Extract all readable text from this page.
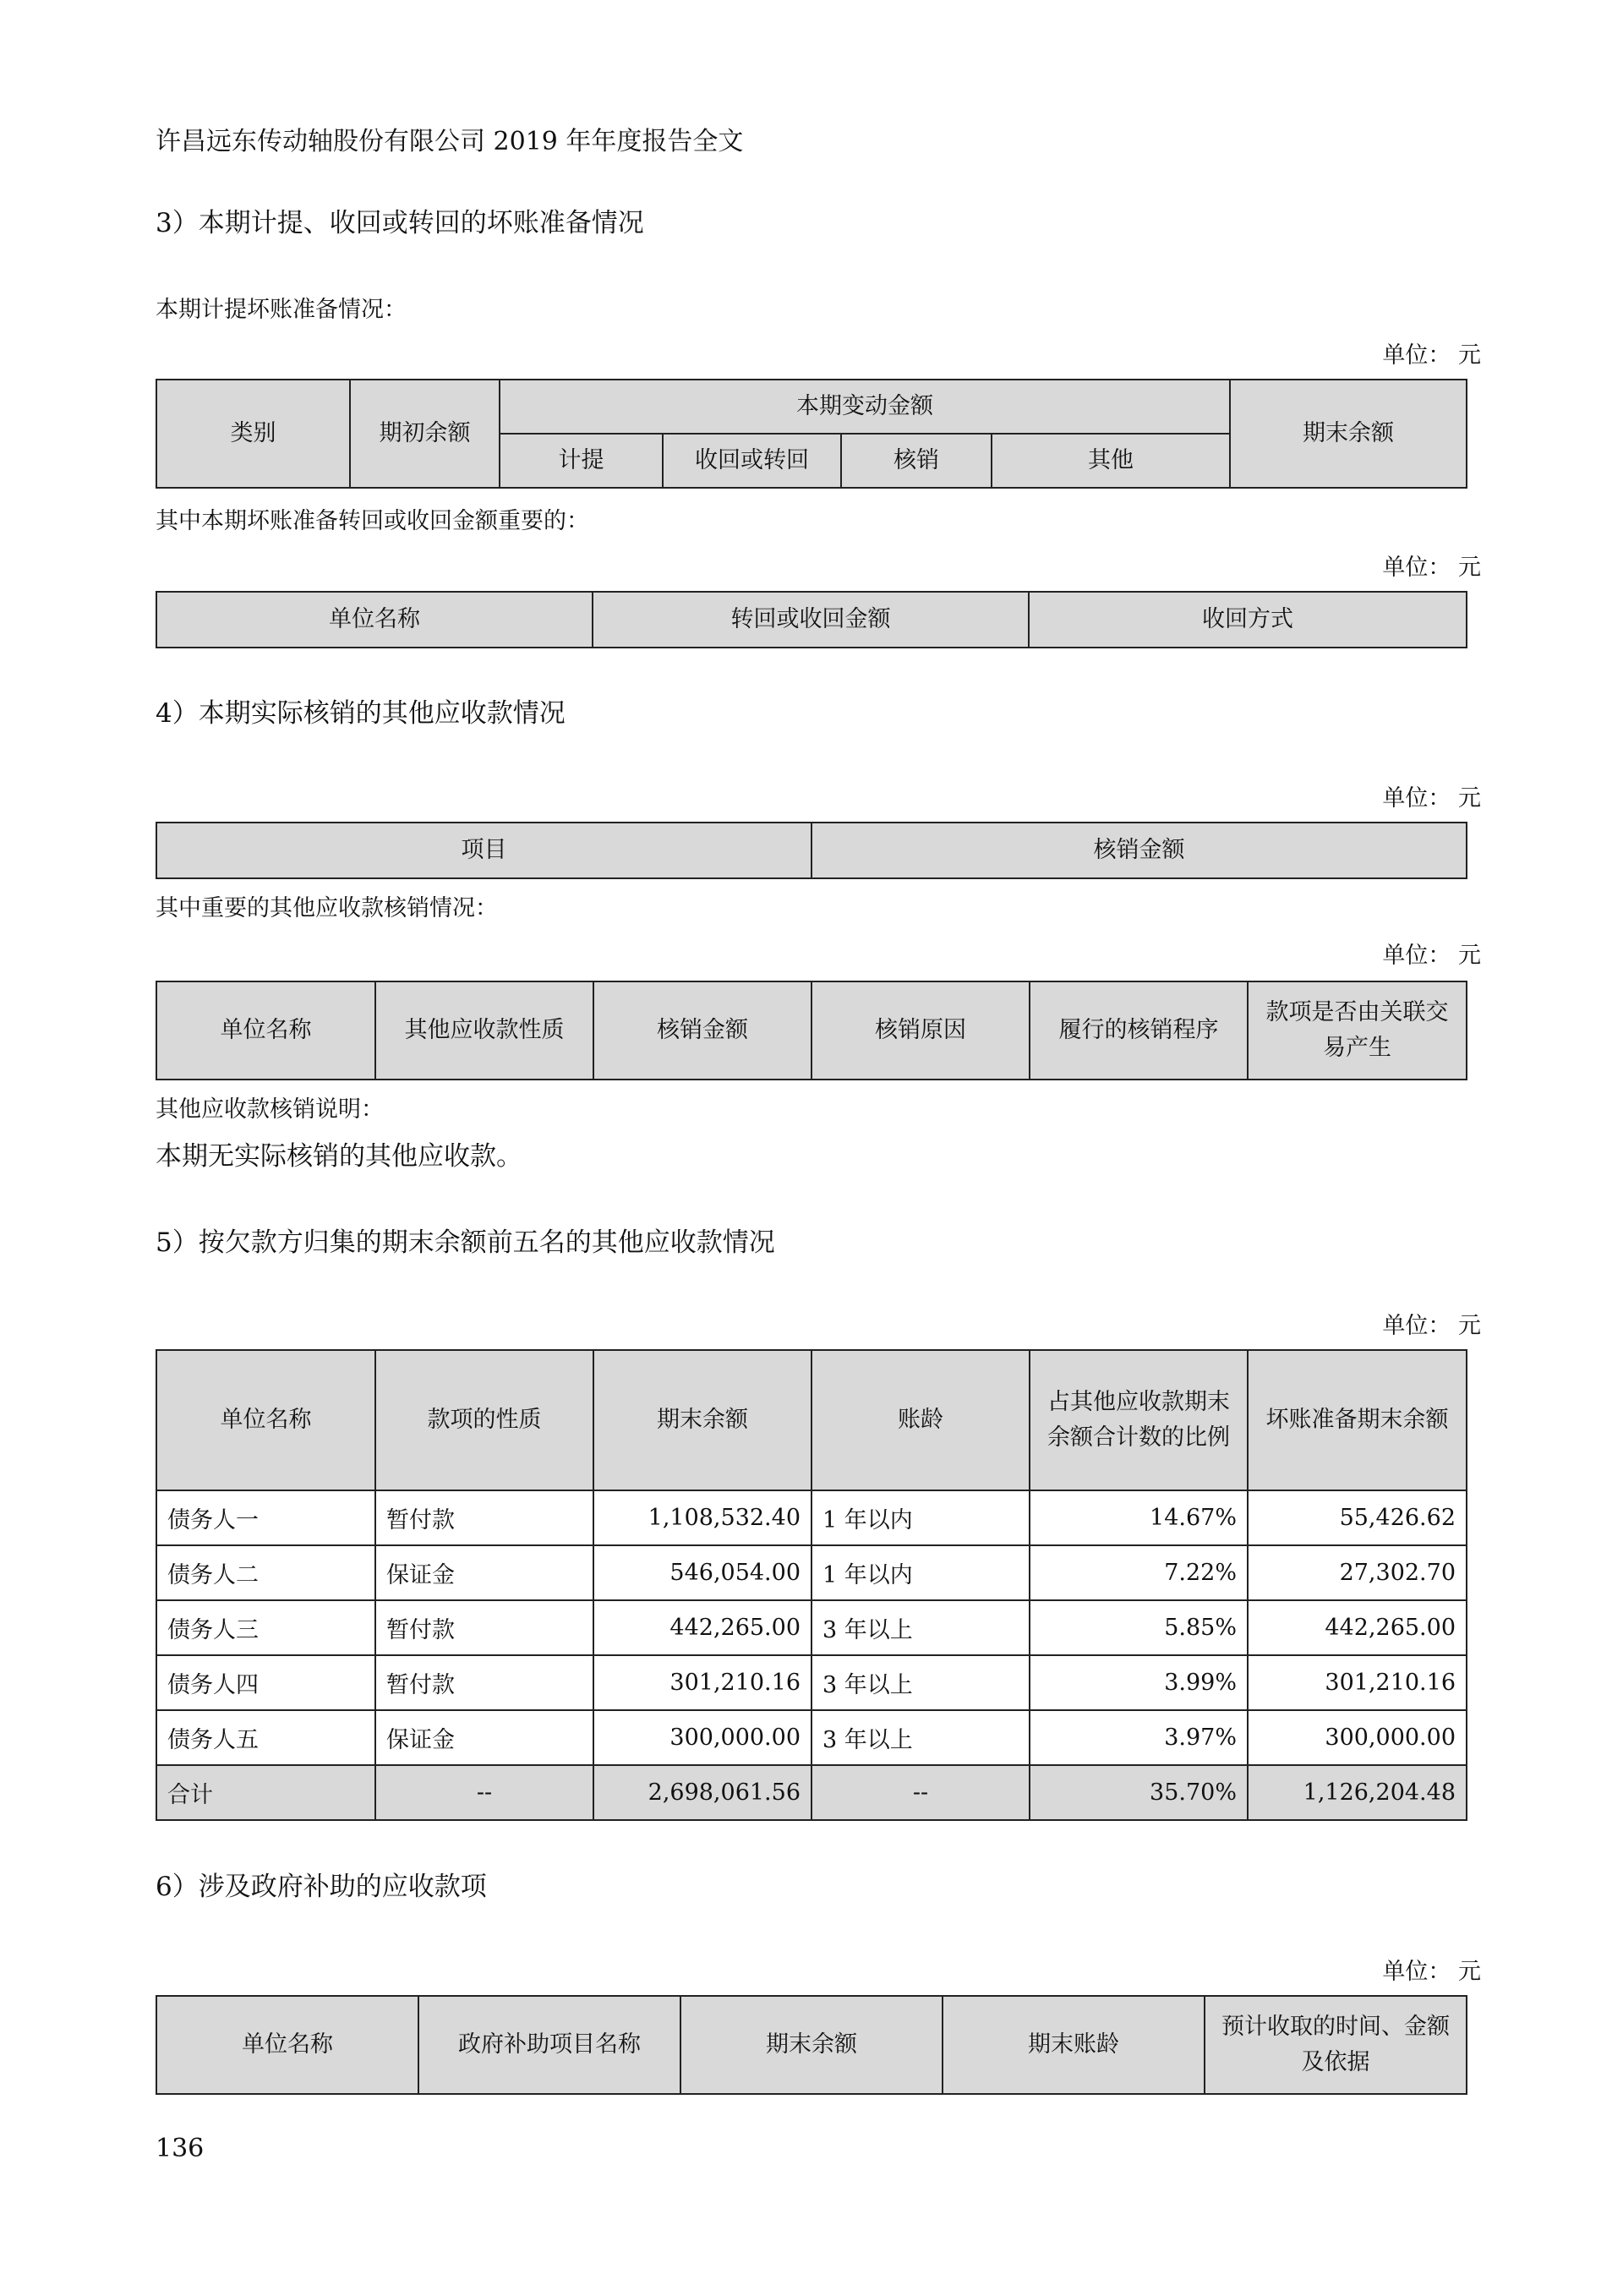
许昌远东传动轴股份有限公司 2019 年年度报告全文
3）本期计提、收回或转回的坏账准备情况
本期计提坏账准备情况：
单位： 元
类别	期初余额	本期变动金额				期末余额
		计提	收回或转回	核销	其他	
其中本期坏账准备转回或收回金额重要的：
单位： 元
单位名称	转回或收回金额	收回方式
4）本期实际核销的其他应收款情况
单位： 元
项目	核销金额
其中重要的其他应收款核销情况：
单位： 元
单位名称	其他应收款性质	核销金额	核销原因	履行的核销程序	款项是否由关联交易产生
其他应收款核销说明：
本期无实际核销的其他应收款。
5）按欠款方归集的期末余额前五名的其他应收款情况
单位： 元
单位名称	款项的性质	期末余额	账龄	占其他应收款期末余额合计数的比例	坏账准备期末余额
债务人一	暂付款	1,108,532.40	1 年以内	14.67%	55,426.62
债务人二	保证金	546,054.00	1 年以内	7.22%	27,302.70
债务人三	暂付款	442,265.00	3 年以上	5.85%	442,265.00
债务人四	暂付款	301,210.16	3 年以上	3.99%	301,210.16
债务人五	保证金	300,000.00	3 年以上	3.97%	300,000.00
合计	--	2,698,061.56	--	35.70%	1,126,204.48
6）涉及政府补助的应收款项
单位： 元
单位名称	政府补助项目名称	期末余额	期末账龄	预计收取的时间、金额及依据
136
